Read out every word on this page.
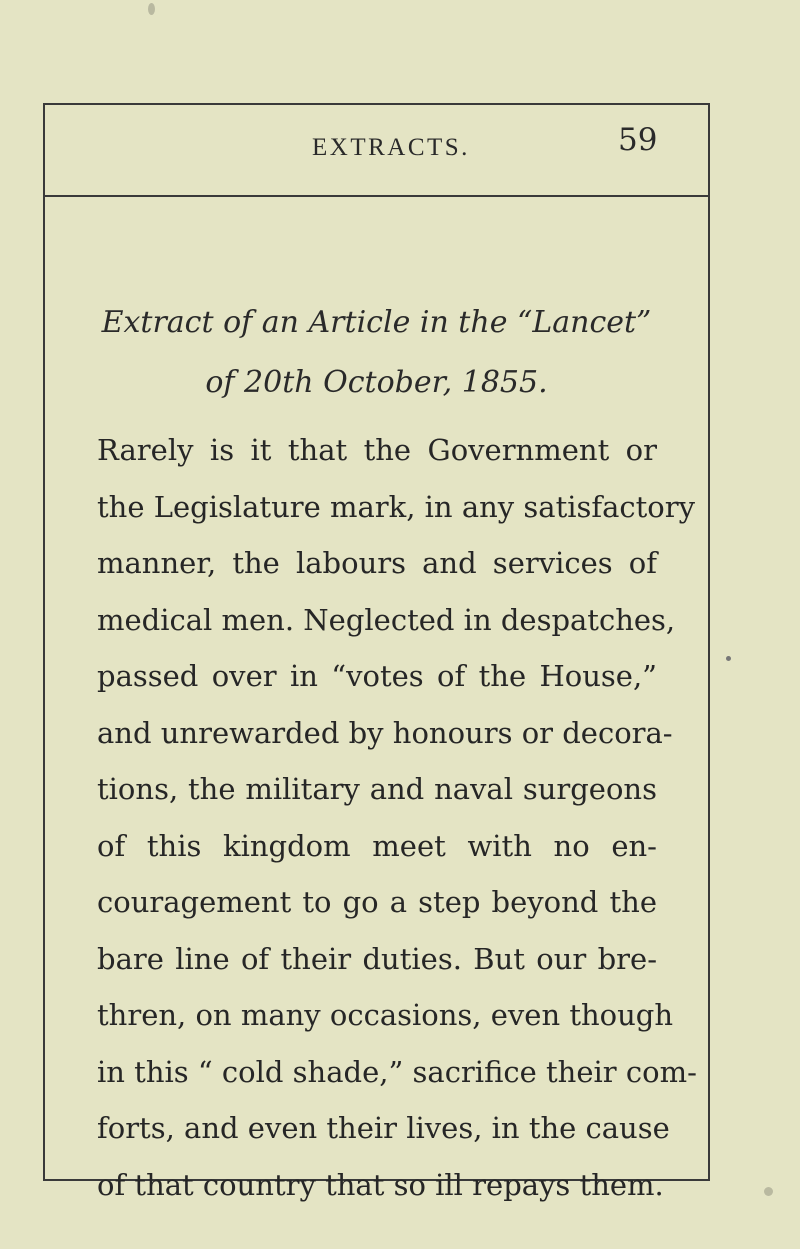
EXTRACTS.	59
Extract of an Article in the “Lancet”
of 20th October, 1855.
Rarely is it that the Government or
the Legislature mark, in any satisfactory
manner, the labours and services of
medical men. Neglected in despatches,
passed over in “votes of the House,”
and unrewarded by honours or decora-
tions, the military and naval surgeons
of this kingdom meet with no en-
couragement to go a step beyond the
bare line of their duties. But our bre-
thren, on many occasions, even though
in this “ cold shade,” sacrifice their com-
forts, and even their lives, in the cause
of that country that so ill repays them.
